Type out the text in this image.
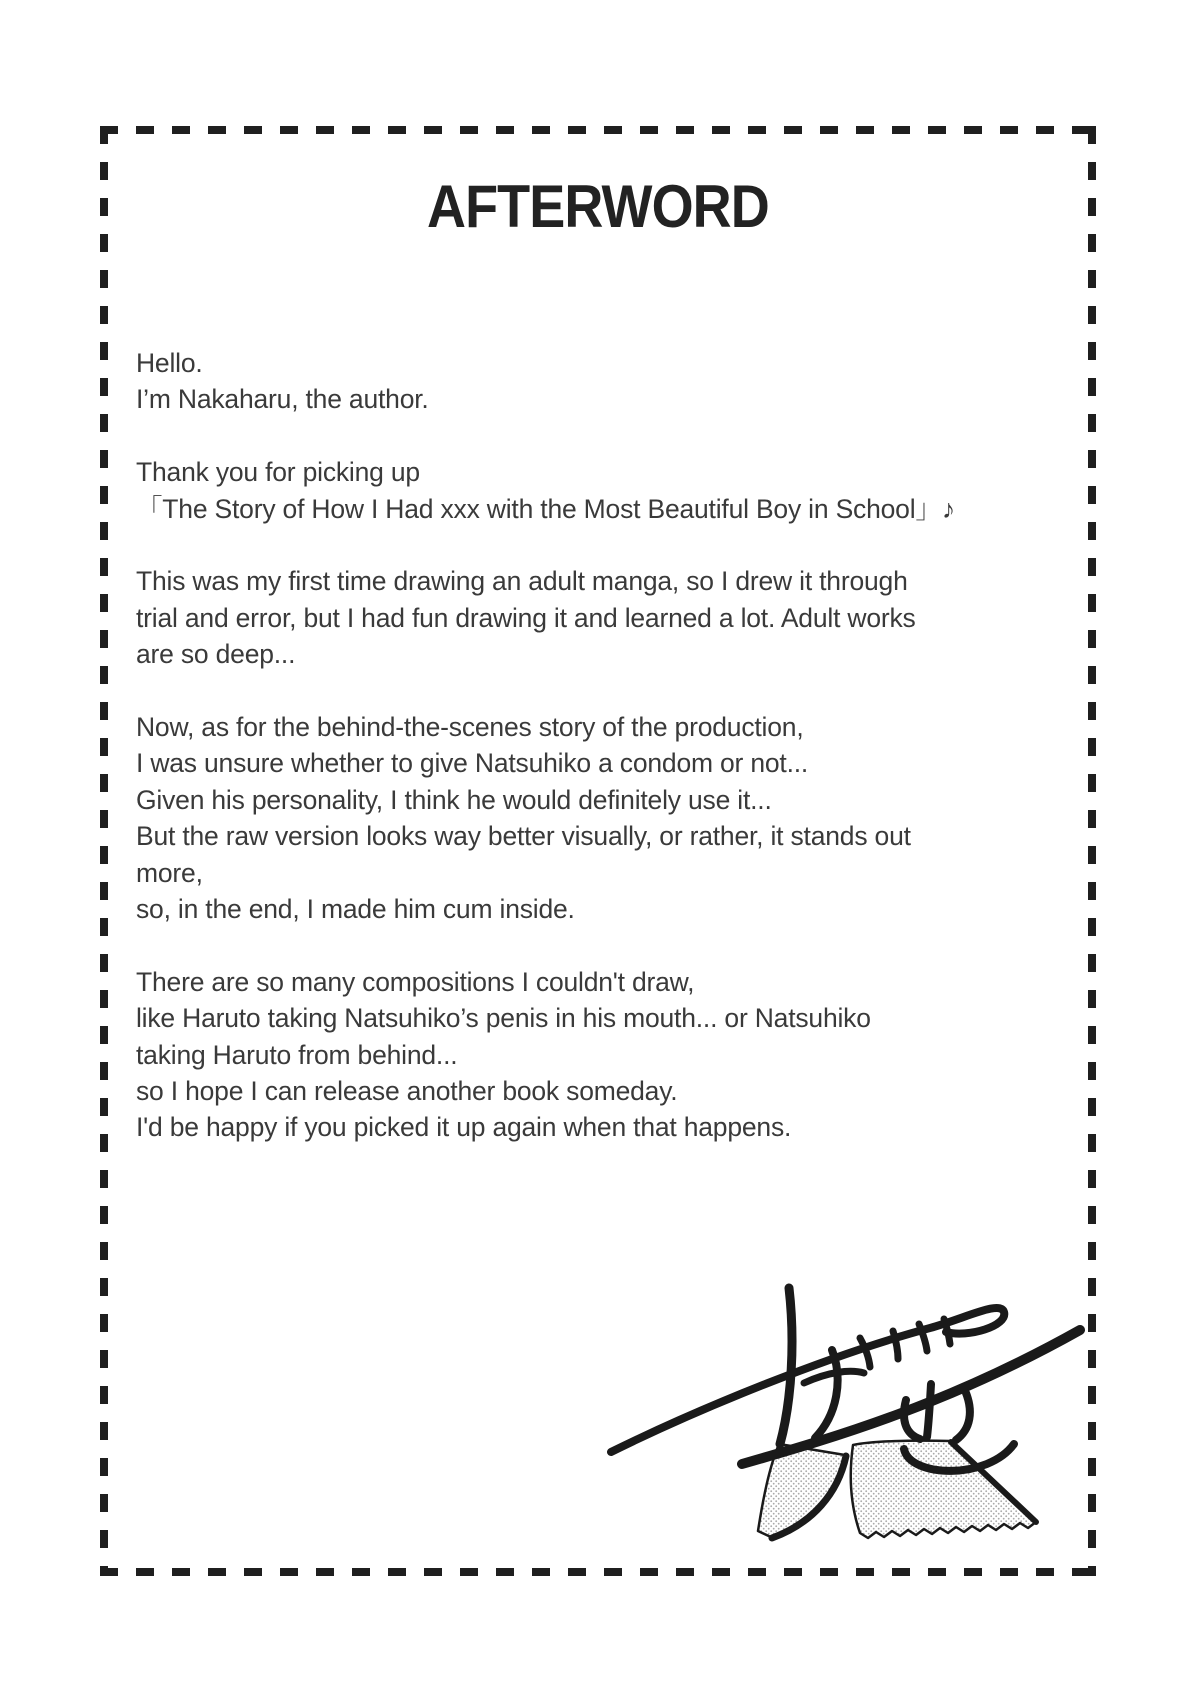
AFTERWORD
Hello.
I’m Nakaharu, the author.
Thank you for picking up
「The Story of How I Had xxx with the Most Beautiful Boy in School」♪
This was my first time drawing an adult manga, so I drew it through
trial and error, but I had fun drawing it and learned a lot. Adult works
are so deep...
Now, as for the behind-the-scenes story of the production,
I was unsure whether to give Natsuhiko a condom or not...
Given his personality, I think he would definitely use it...
But the raw version looks way better visually, or rather, it stands out
more,
so, in the end, I made him cum inside.
There are so many compositions I couldn't draw,
like Haruto taking Natsuhiko’s penis in his mouth... or Natsuhiko
taking Haruto from behind...
so I hope I can release another book someday.
I'd be happy if you picked it up again when that happens.
